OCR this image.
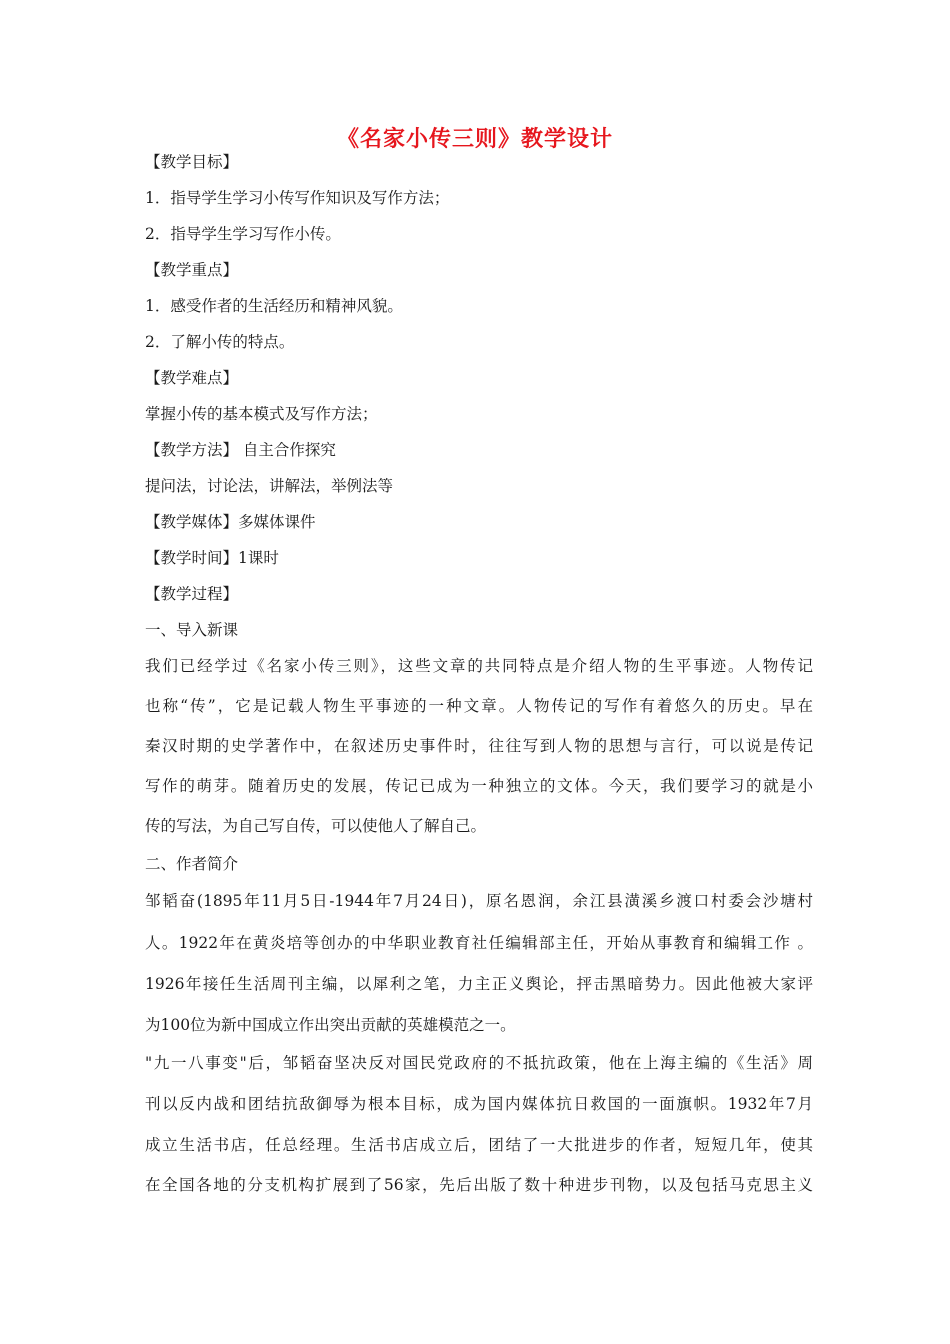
《名家小传三则》教学设计
【教学目标】
1．指导学生学习小传写作知识及写作方法；
2．指导学生学习写作小传。
【教学重点】
1．感受作者的生活经历和精神风貌。
2．了解小传的特点。
【教学难点】
掌握小传的基本模式及写作方法；
【教学方法】 自主合作探究
提问法，讨论法，讲解法，举例法等
【教学媒体】多媒体课件
【教学时间】1课时
【教学过程】
一、导入新课
我们已经学过《名家小传三则》，这些文章的共同特点是介绍人物的生平事迹。人物传记
也称“传”，它是记载人物生平事迹的一种文章。人物传记的写作有着悠久的历史。早在
秦汉时期的史学著作中，在叙述历史事件时，往往写到人物的思想与言行，可以说是传记
写作的萌芽。随着历史的发展，传记已成为一种独立的文体。今天，我们要学习的就是小
传的写法，为自己写自传，可以使他人了解自己。
二、作者简介
邹韬奋(1895年11月5日-1944年7月24日)，原名恩润，余江县潢溪乡渡口村委会沙塘村
人。1922年在黄炎培等创办的中华职业教育社任编辑部主任，开始从事教育和编辑工作 。
1926年接任生活周刊主编，以犀利之笔，力主正义舆论，抨击黑暗势力。因此他被大家评
为100位为新中国成立作出突出贡献的英雄模范之一。
"九一八事变"后，邹韬奋坚决反对国民党政府的不抵抗政策，他在上海主编的《生活》周
刊以反内战和团结抗敌御辱为根本目标，成为国内媒体抗日救国的一面旗帜。1932年7月
成立生活书店，任总经理。生活书店成立后，团结了一大批进步的作者，短短几年，使其
在全国各地的分支机构扩展到了56家，先后出版了数十种进步刊物，以及包括马克思主义
